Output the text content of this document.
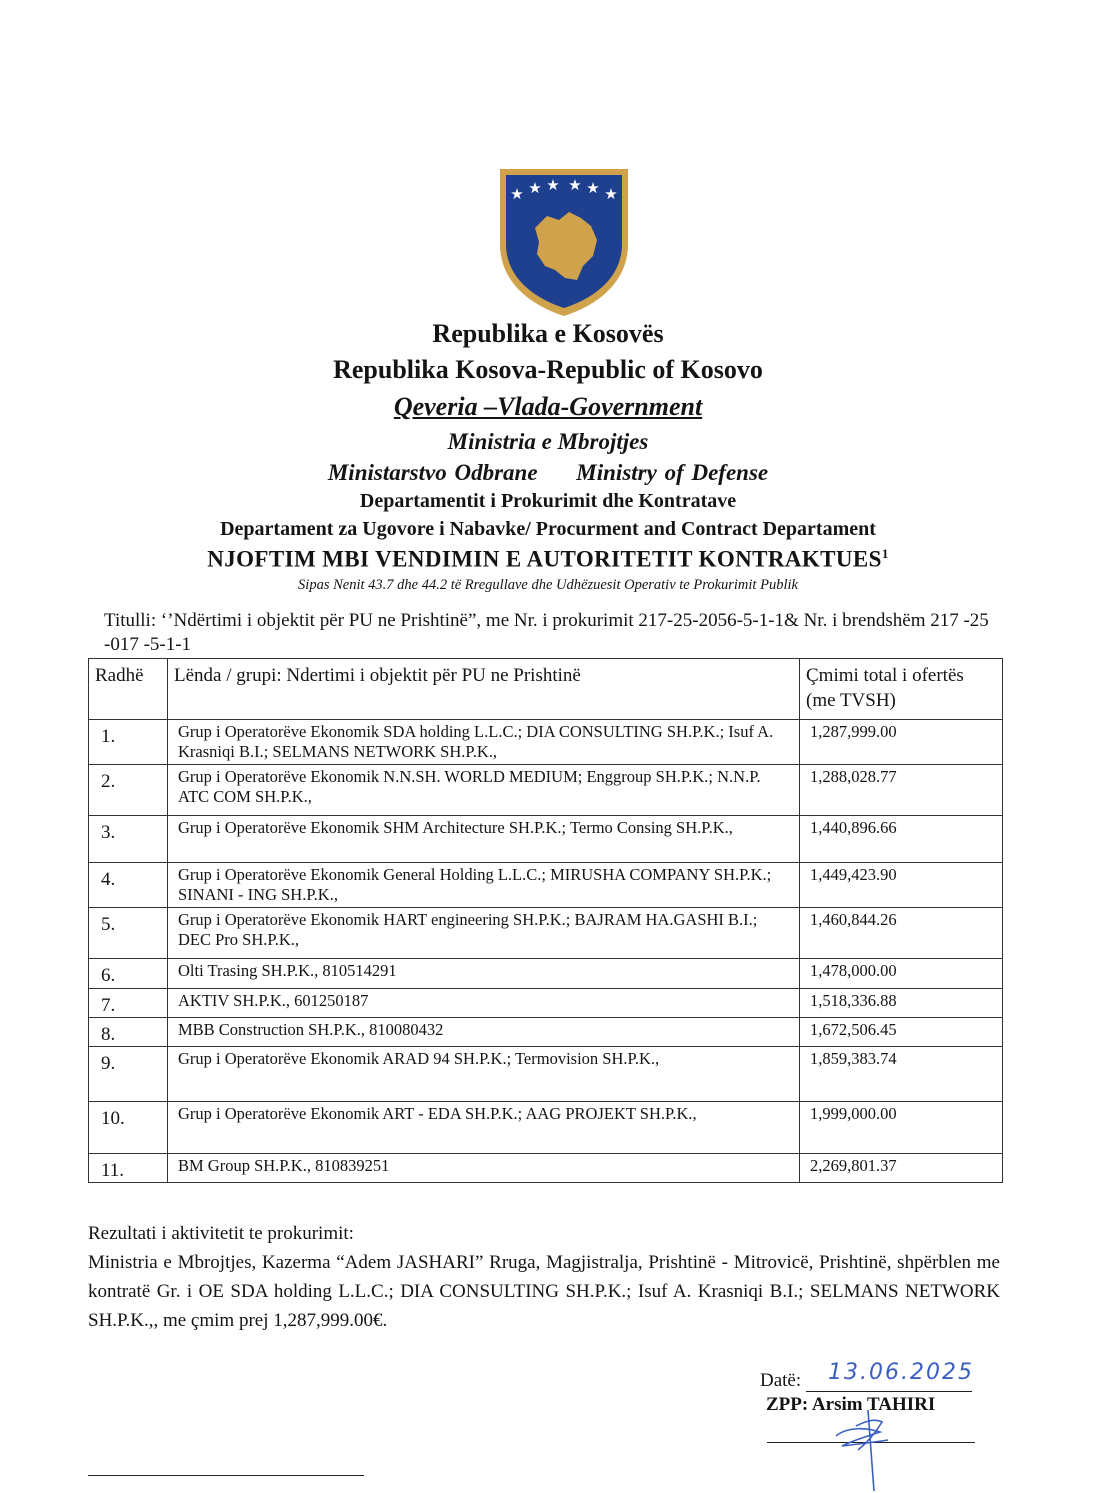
★ ★ ★ ★ ★ ★
Republika e Kosovës
Republika Kosova-Republic of Kosovo
Qeveria –Vlada-Government
Ministria e Mbrojtjes
Ministarstvo Odbrane Ministry of Defense
Departamentit i Prokurimit dhe Kontratave
Departament za Ugovore i Nabavke/ Procurment and Contract Departament
NJOFTIM MBI VENDIMIN E AUTORITETIT KONTRAKTUES$^1$
Sipas Nenit 43.7 dhe 44.2 të Rregullave dhe Udhëzuesit Operativ te Prokurimit Publik
Titulli: ‘’Ndërtimi i objektit për PU ne Prishtinë”, me Nr. i prokurimit 217-25-2056-5-1-1& Nr. i brendshëm 217 -25 -017 -5-1-1
Radhë	Lënda / grupi: Ndertimi i objektit për PU ne Prishtinë	Çmimi total i ofertës (me TVSH)
1.	Grup i Operatorëve Ekonomik SDA holding L.L.C.; DIA CONSULTING SH.P.K.; Isuf A. Krasniqi B.I.; SELMANS NETWORK SH.P.K.,	1,287,999.00
2.	Grup i Operatorëve Ekonomik N.N.SH. WORLD MEDIUM; Enggroup SH.P.K.; N.N.P. ATC COM SH.P.K.,	1,288,028.77
3.	Grup i Operatorëve Ekonomik SHM Architecture SH.P.K.; Termo Consing SH.P.K.,	1,440,896.66
4.	Grup i Operatorëve Ekonomik General Holding L.L.C.; MIRUSHA COMPANY SH.P.K.; SINANI - ING SH.P.K.,	1,449,423.90
5.	Grup i Operatorëve Ekonomik HART engineering SH.P.K.; BAJRAM HA.GASHI B.I.; DEC Pro SH.P.K.,	1,460,844.26
6.	Olti Trasing SH.P.K., 810514291	1,478,000.00
7.	AKTIV SH.P.K., 601250187	1,518,336.88
8.	MBB Construction SH.P.K., 810080432	1,672,506.45
9.	Grup i Operatorëve Ekonomik ARAD 94 SH.P.K.; Termovision SH.P.K.,	1,859,383.74
10.	Grup i Operatorëve Ekonomik ART - EDA SH.P.K.; AAG PROJEKT SH.P.K.,	1,999,000.00
11.	BM Group SH.P.K., 810839251	2,269,801.37

Rezultati i aktivitetit te prokurimit:

Ministria e Mbrojtjes, Kazerma “Adem JASHARI” Rruga, Magjistralja, Prishtinë - Mitrovicë, Prishtinë, shpërblen me kontratë Gr. i OE SDA holding L.L.C.; DIA CONSULTING SH.P.K.; Isuf A. Krasniqi B.I.; SELMANS NETWORK SH.P.K.,, me çmim prej 1,287,999.00€.

Datë: 13.06.2025
ZPP: Arsim TAHIRI
